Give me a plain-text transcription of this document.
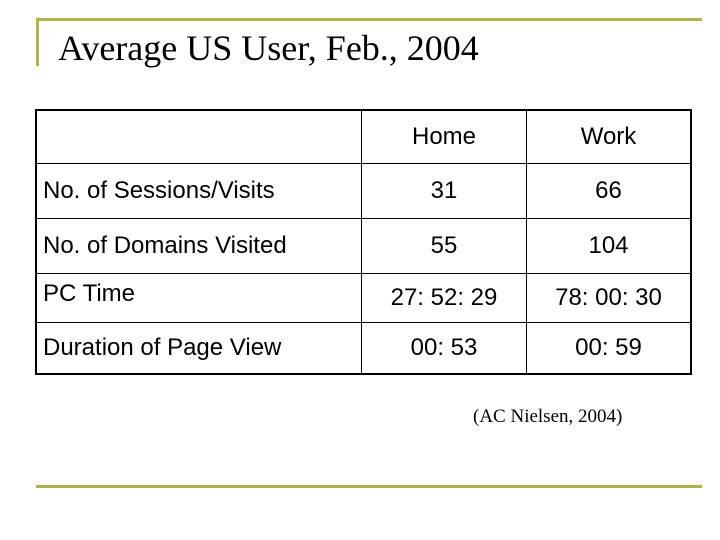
Average US User, Feb., 2004
	Home	Work
No. of Sessions/Visits	31	66
No. of Domains Visited	55	104
PC Time	27: 52: 29	78: 00: 30
Duration of Page View	00: 53	00: 59

(AC Nielsen, 2004)
